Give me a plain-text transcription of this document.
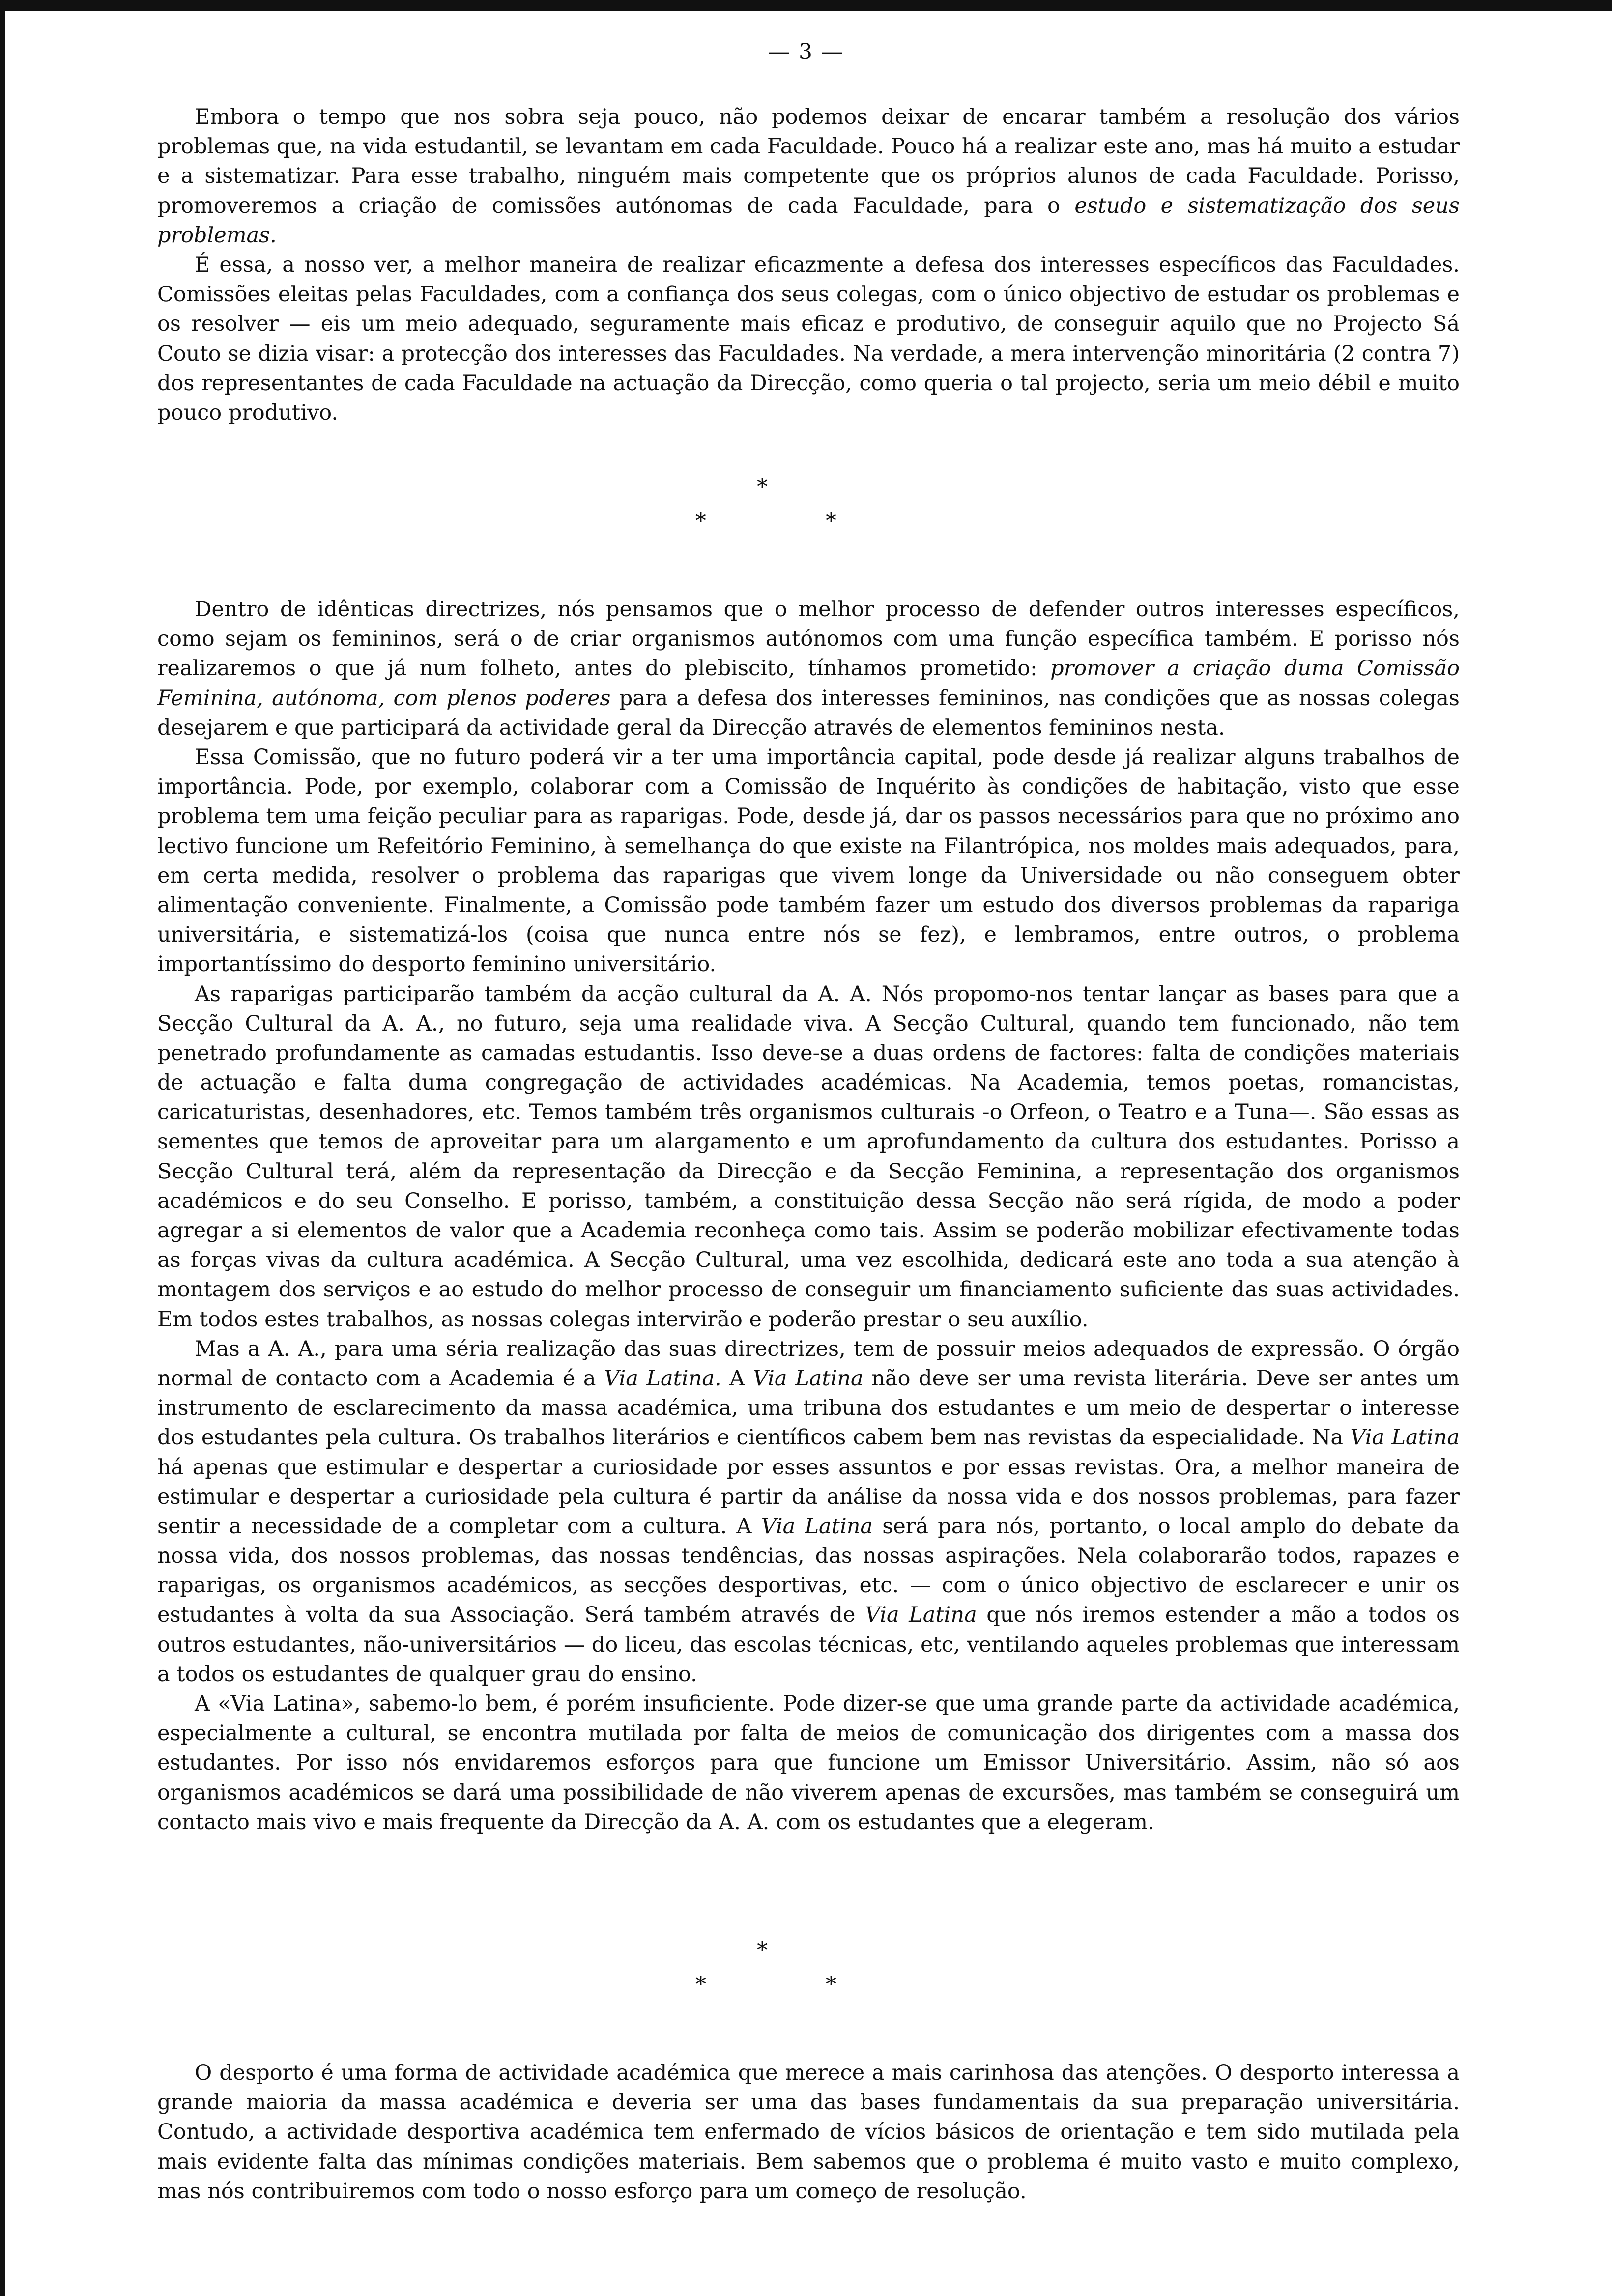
— 3 —

Embora o tempo que nos sobra seja pouco, não podemos deixar de encarar também a resolução dos vários problemas que, na vida estudantil, se levantam em cada Faculdade. Pouco há a realizar este ano, mas há muito a estudar e a sistematizar. Para esse trabalho, ninguém mais competente que os próprios alunos de cada Faculdade. Porisso, promoveremos a criação de comissões autónomas de cada Faculdade, para o estudo e sistematização dos seus problemas.

É essa, a nosso ver, a melhor maneira de realizar eficazmente a defesa dos interesses específicos das Faculdades. Comissões eleitas pelas Faculdades, com a confiança dos seus colegas, com o único objectivo de estudar os problemas e os resolver — eis um meio adequado, seguramente mais eficaz e produtivo, de conseguir aquilo que no Projecto Sá Couto se dizia visar: a protecção dos interesses das Faculdades. Na verdade, a mera intervenção minoritária (2 contra 7) dos representantes de cada Faculdade na actuação da Direcção, como queria o tal projecto, seria um meio débil e muito pouco produtivo.

*
*	*

Dentro de idênticas directrizes, nós pensamos que o melhor processo de defender outros interesses específicos, como sejam os femininos, será o de criar organismos autónomos com uma função específica também. E porisso nós realizaremos o que já num folheto, antes do plebiscito, tínhamos prometido: promover a criação duma Comissão Feminina, autónoma, com plenos poderes para a defesa dos interesses femininos, nas condições que as nossas colegas desejarem e que participará da actividade geral da Direcção através de elementos femininos nesta.

Essa Comissão, que no futuro poderá vir a ter uma importância capital, pode desde já realizar alguns trabalhos de importância. Pode, por exemplo, colaborar com a Comissão de Inquérito às condições de habitação, visto que esse problema tem uma feição peculiar para as raparigas. Pode, desde já, dar os passos necessários para que no próximo ano lectivo funcione um Refeitório Feminino, à semelhança do que existe na Filantrópica, nos moldes mais adequados, para, em certa medida, resolver o problema das raparigas que vivem longe da Universidade ou não conseguem obter alimentação conveniente. Finalmente, a Comissão pode também fazer um estudo dos diversos problemas da rapariga universitária, e sistematizá-los (coisa que nunca entre nós se fez), e lembramos, entre outros, o problema importantíssimo do desporto feminino universitário.

As raparigas participarão também da acção cultural da A. A. Nós propomo-nos tentar lançar as bases para que a Secção Cultural da A. A., no futuro, seja uma realidade viva. A Secção Cultural, quando tem funcionado, não tem penetrado profundamente as camadas estudantis. Isso deve-se a duas ordens de factores: falta de condições materiais de actuação e falta duma congregação de actividades académicas. Na Academia, temos poetas, romancistas, caricaturistas, desenhadores, etc. Temos também três organismos culturais -o Orfeon, o Teatro e a Tuna—. São essas as sementes que temos de aproveitar para um alargamento e um aprofundamento da cultura dos estudantes. Porisso a Secção Cultural terá, além da representação da Direcção e da Secção Feminina, a representação dos organismos académicos e do seu Conselho. E porisso, também, a constituição dessa Secção não será rígida, de modo a poder agregar a si elementos de valor que a Academia reconheça como tais. Assim se poderão mobilizar efectivamente todas as forças vivas da cultura académica. A Secção Cultural, uma vez escolhida, dedicará este ano toda a sua atenção à montagem dos serviços e ao estudo do melhor processo de conseguir um financiamento suficiente das suas actividades. Em todos estes trabalhos, as nossas colegas intervirão e poderão prestar o seu auxílio.

Mas a A. A., para uma séria realização das suas directrizes, tem de possuir meios adequados de expressão. O órgão normal de contacto com a Academia é a Via Latina. A Via Latina não deve ser uma revista literária. Deve ser antes um instrumento de esclarecimento da massa académica, uma tribuna dos estudantes e um meio de despertar o interesse dos estudantes pela cultura. Os trabalhos literários e científicos cabem bem nas revistas da especialidade. Na Via Latina há apenas que estimular e despertar a curiosidade por esses assuntos e por essas revistas. Ora, a melhor maneira de estimular e despertar a curiosidade pela cultura é partir da análise da nossa vida e dos nossos problemas, para fazer sentir a necessidade de a completar com a cultura. A Via Latina será para nós, portanto, o local amplo do debate da nossa vida, dos nossos problemas, das nossas tendências, das nossas aspirações. Nela colaborarão todos, rapazes e raparigas, os organismos académicos, as secções desportivas, etc. — com o único objectivo de esclarecer e unir os estudantes à volta da sua Associação. Será também através de Via Latina que nós iremos estender a mão a todos os outros estudantes, não-universitários — do liceu, das escolas técnicas, etc, ventilando aqueles problemas que interessam a todos os estudantes de qualquer grau do ensino.

A «Via Latina», sabemo-lo bem, é porém insuficiente. Pode dizer-se que uma grande parte da actividade académica, especialmente a cultural, se encontra mutilada por falta de meios de comunicação dos dirigentes com a massa dos estudantes. Por isso nós envidaremos esforços para que funcione um Emissor Universitário. Assim, não só aos organismos académicos se dará uma possibilidade de não viverem apenas de excursões, mas também se conseguirá um contacto mais vivo e mais frequente da Direcção da A. A. com os estudantes que a elegeram.

*
*	*

O desporto é uma forma de actividade académica que merece a mais carinhosa das atenções. O desporto interessa a grande maioria da massa académica e deveria ser uma das bases fundamentais da sua preparação universitária. Contudo, a actividade desportiva académica tem enfermado de vícios básicos de orientação e tem sido mutilada pela mais evidente falta das mínimas condições materiais. Bem sabemos que o problema é muito vasto e muito complexo, mas nós contribuiremos com todo o nosso esforço para um começo de resolução.
